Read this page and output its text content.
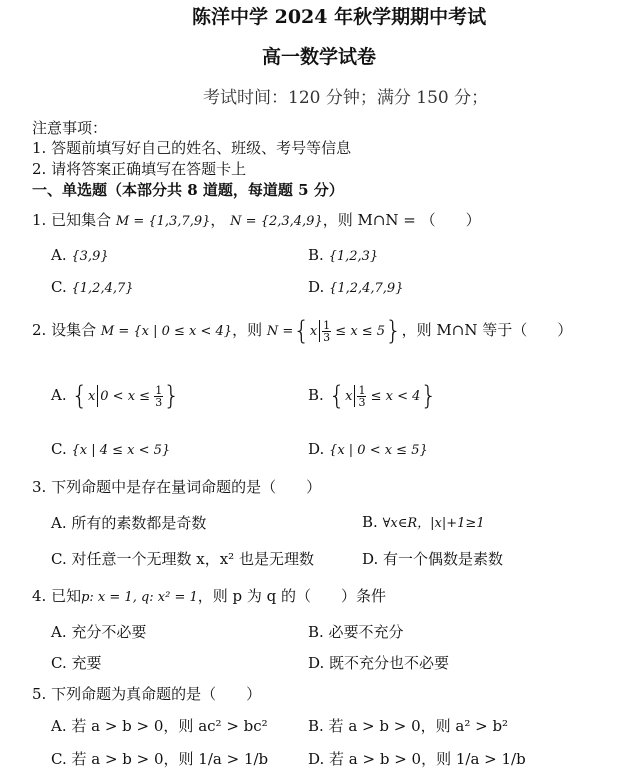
陈洋中学 2024 年秋学期期中考试
高一数学试卷
考试时间：120 分钟；满分 150 分；
注意事项：
1. 答题前填写好自己的姓名、班级、考号等信息
2. 请将答案正确填写在答题卡上
一、单选题（本部分共 8 道题，每道题 5 分）
1. 已知集合 M = {1,3,7,9}， N = {2,3,4,9}，则 M∩N = （　　）
A. {3,9}	B. {1,2,3}
C. {1,2,4,7}	D. {1,2,4,7,9}
2. 设集合 M = {x | 0 ≤ x < 4}，则 $N =\{x \frac{1}{3} \le x \le 5\}$，则 M∩N 等于（　　）
A. {x $0 < x \le \frac{1}{3}$ }	B. $\{x \frac{1}{3} \le x < 4\}$
C. {x | 4 ≤ x < 5}	D. {x | 0 < x ≤ 5}
3. 下列命题中是存在量词命题的是（　　）
A. 所有的素数都是奇数	B. ∀x∈R，|x|+1≥1
C. 对任意一个无理数 x，x² 也是无理数	D. 有一个偶数是素数
4. 已知p: x = 1, q: x² = 1，则 p 为 q 的（　　）条件
A. 充分不必要	B. 必要不充分
C. 充要	D. 既不充分也不必要
5. 下列命题为真命题的是（　　）
A. 若 a > b > 0，则 ac² > bc²	B. 若 a > b > 0，则 a² > b²
C. 若 a > b > 0，则 1/a > 1/b	D. 若 a > b > 0，则 1/a > 1/b
